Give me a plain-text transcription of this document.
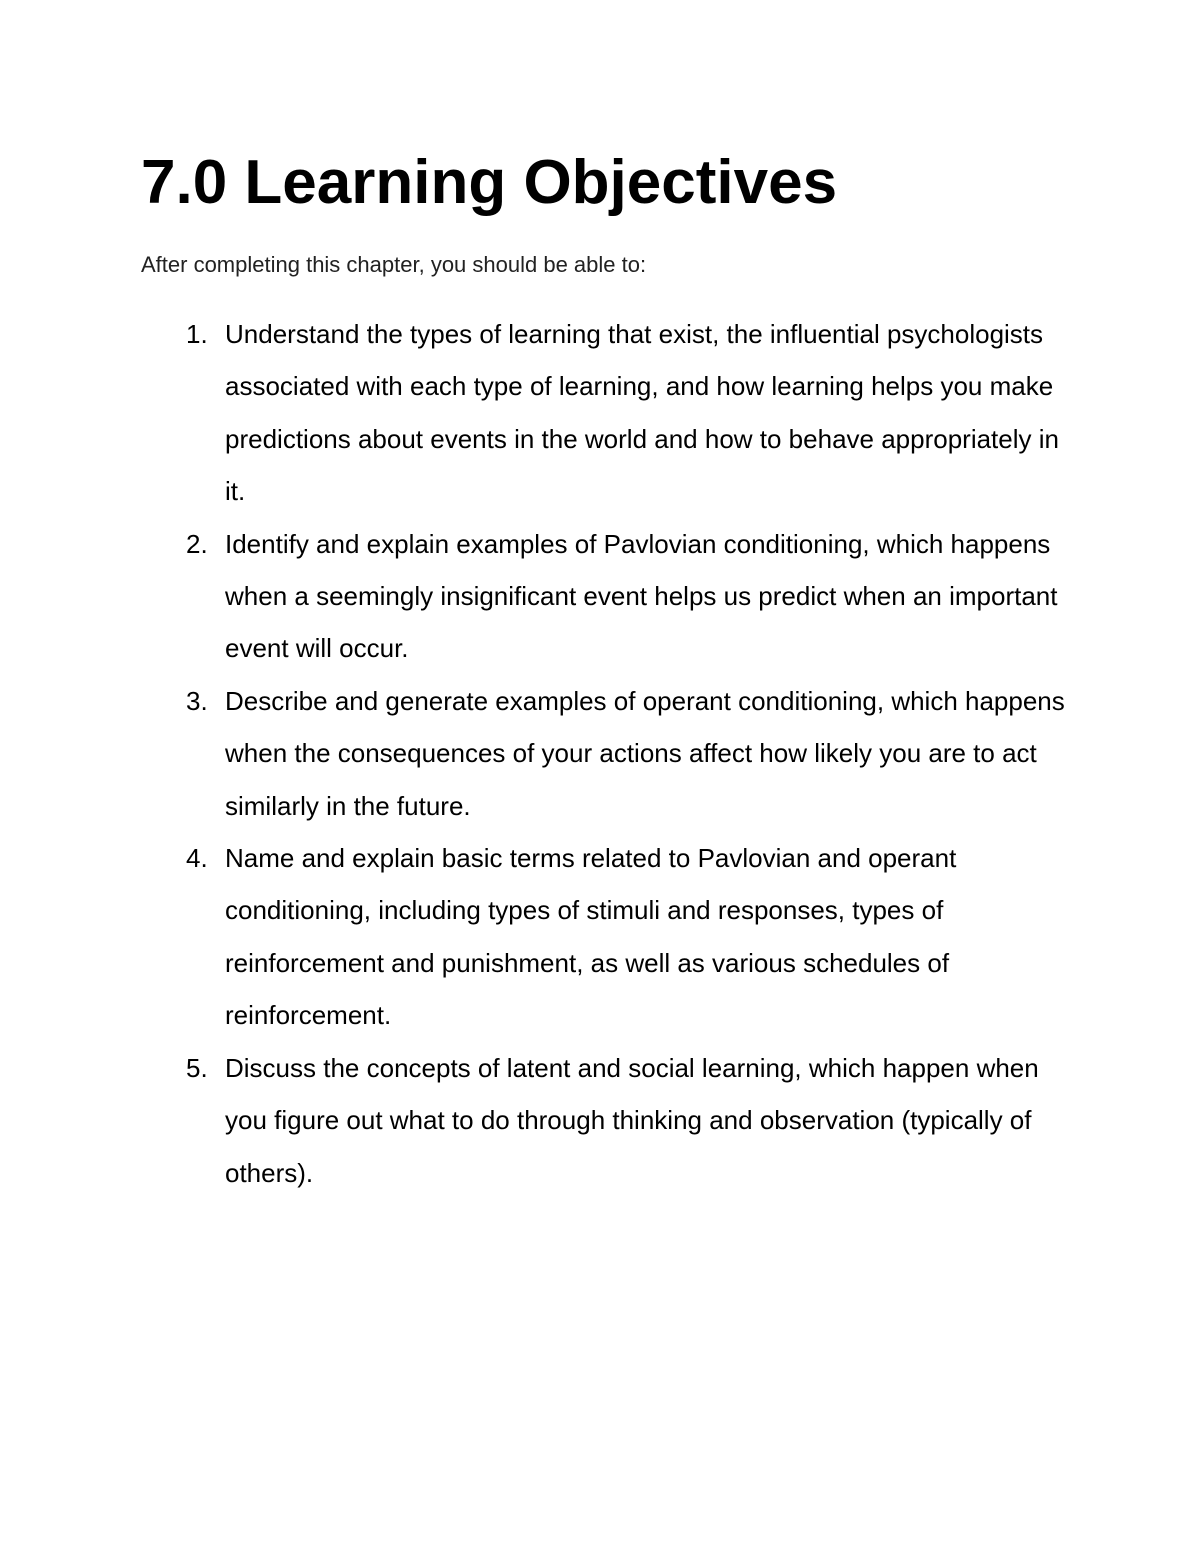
7.0 Learning Objectives

After completing this chapter, you should be able to:

1. Understand the types of learning that exist, the influential psychologists associated with each type of learning, and how learning helps you make predictions about events in the world and how to behave appropriately in it.
2. Identify and explain examples of Pavlovian conditioning, which happens when a seemingly insignificant event helps us predict when an important event will occur.
3. Describe and generate examples of operant conditioning, which happens when the consequences of your actions affect how likely you are to act similarly in the future.
4. Name and explain basic terms related to Pavlovian and operant conditioning, including types of stimuli and responses, types of reinforcement and punishment, as well as various schedules of reinforcement.
5. Discuss the concepts of latent and social learning, which happen when you figure out what to do through thinking and observation (typically of others).
